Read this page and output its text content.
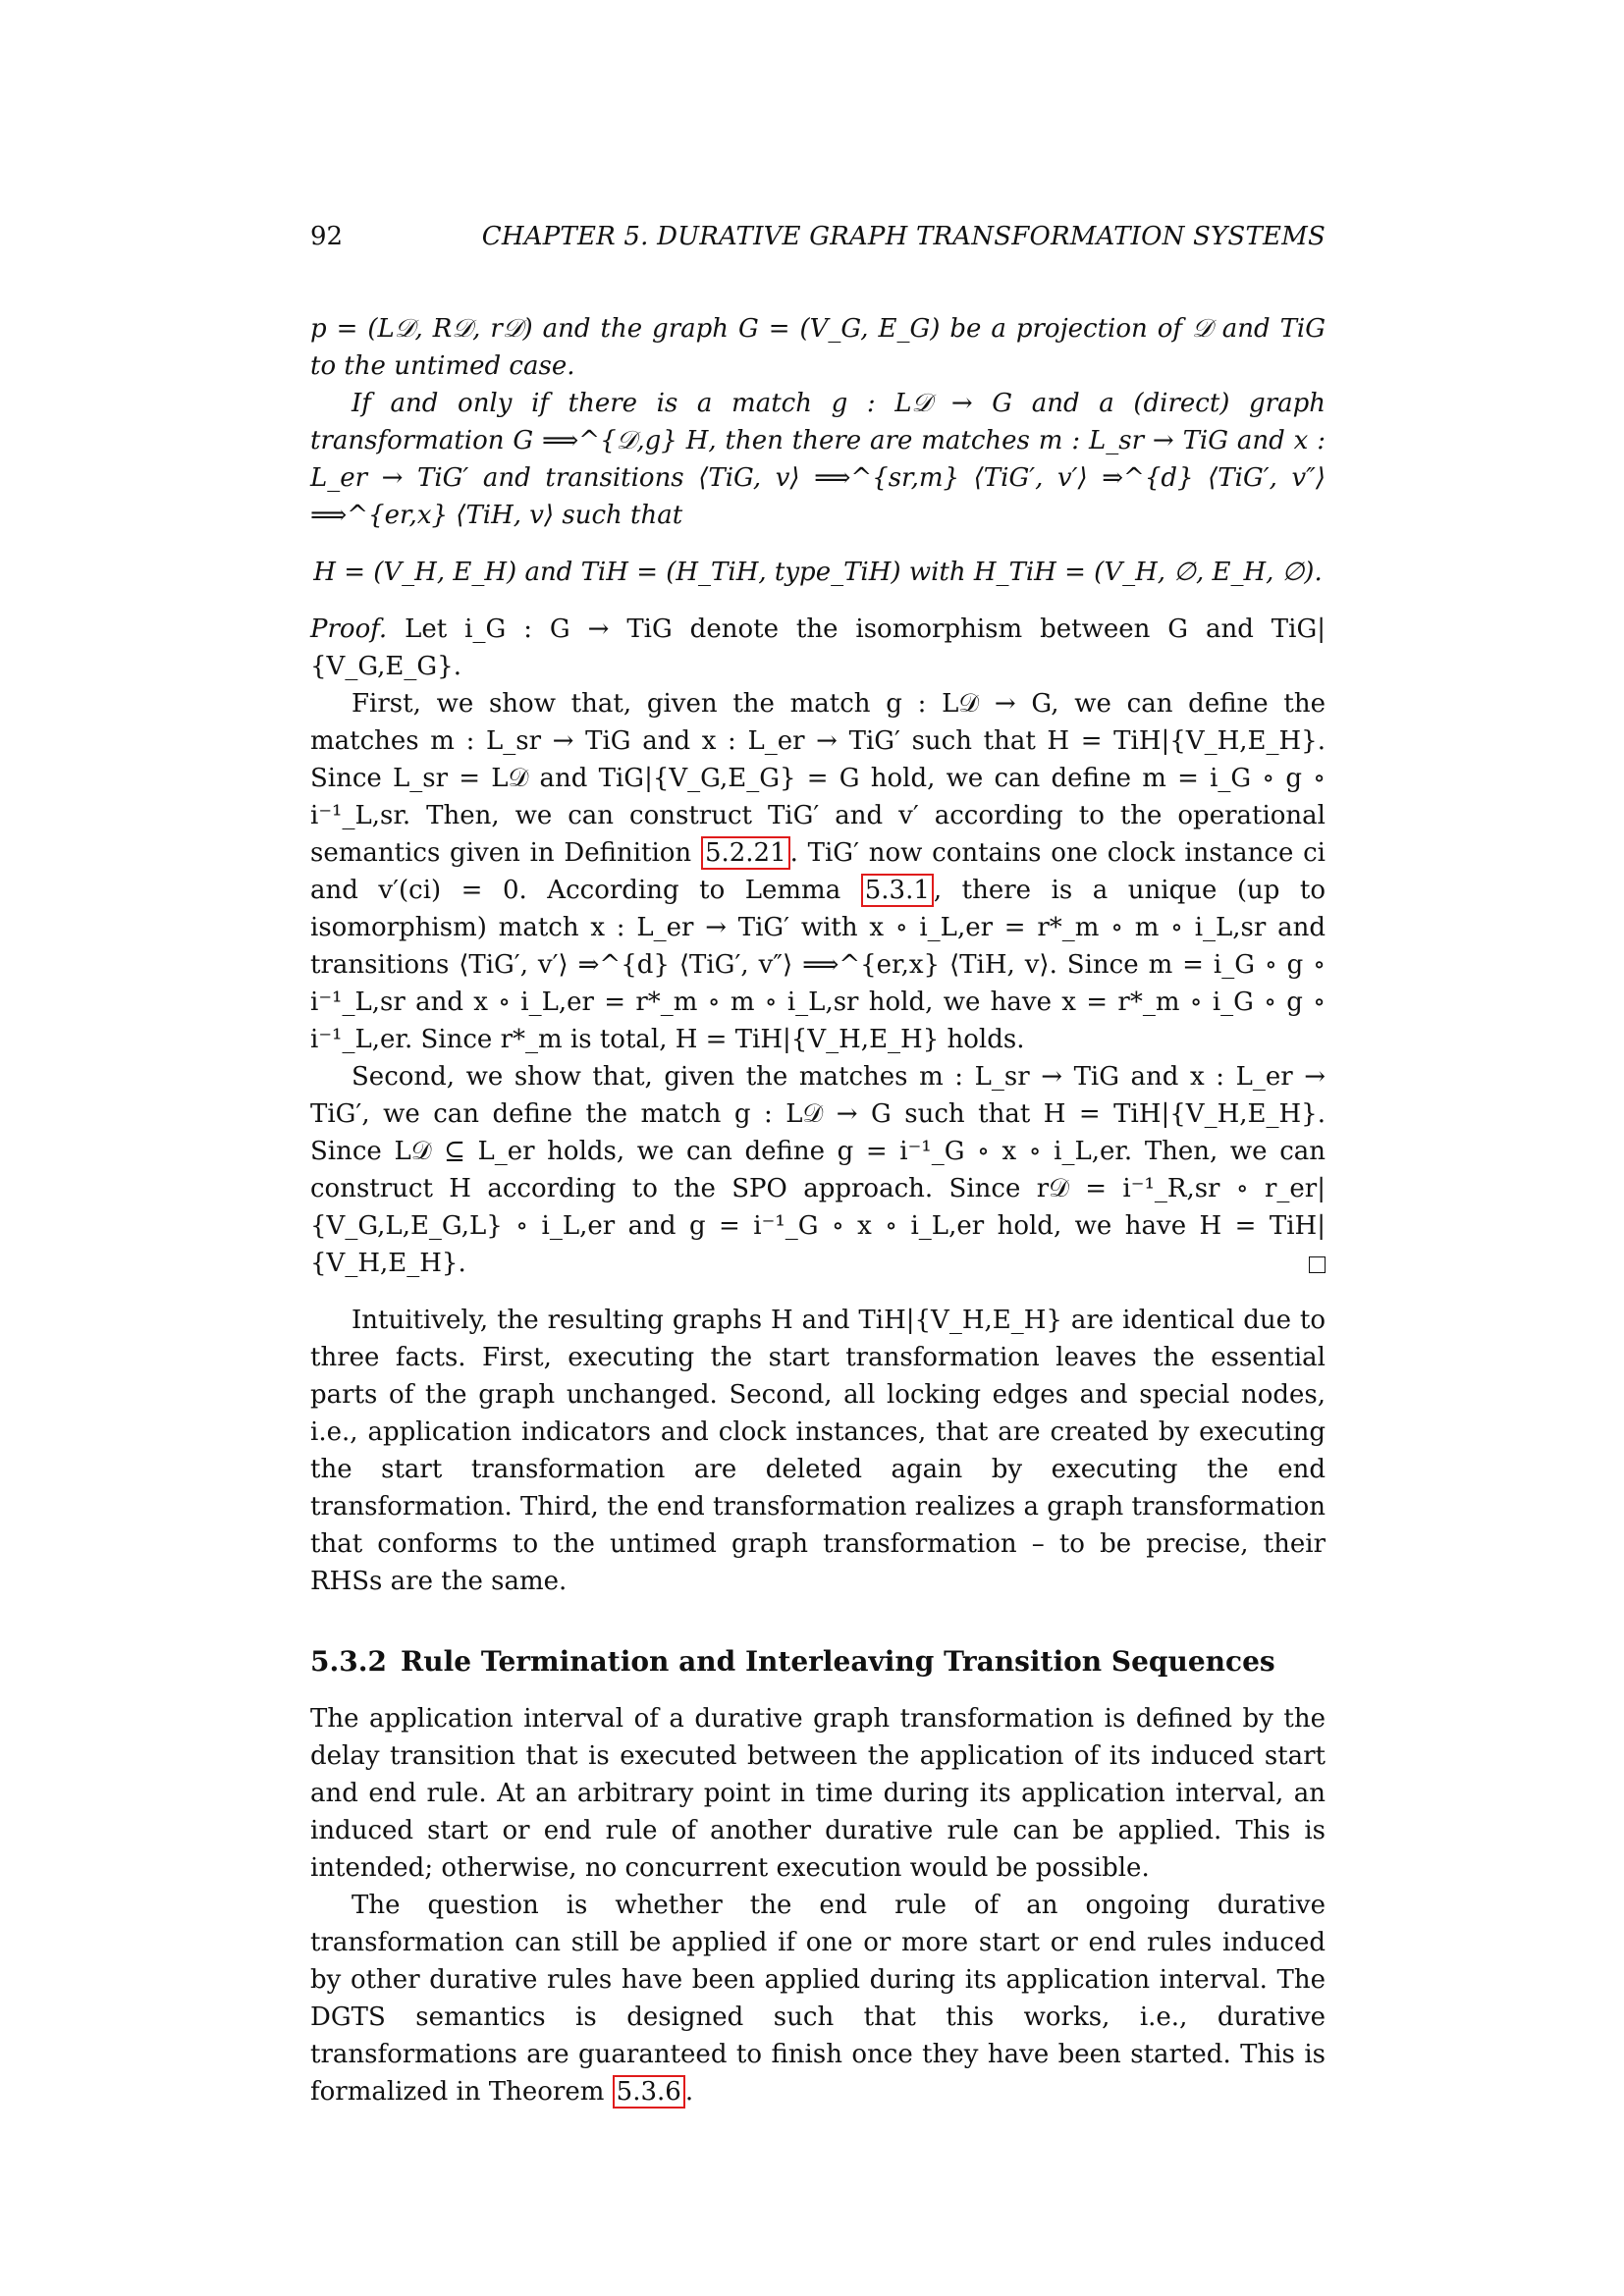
92	CHAPTER 5. DURATIVE GRAPH TRANSFORMATION SYSTEMS

p = (L𝒟, R𝒟, r𝒟) and the graph G = (V_G, E_G) be a projection of 𝒟 and TiG to the untimed case.

If and only if there is a match g : L𝒟 → G and a (direct) graph transformation G ⟹^{𝒟,g} H, then there are matches m : L_sr → TiG and x : L_er → TiG′ and transitions ⟨TiG, v⟩ ⟹^{sr,m} ⟨TiG′, v′⟩ ⇒^{d} ⟨TiG′, v″⟩ ⟹^{er,x} ⟨TiH, v⟩ such that

H = (V_H, E_H) and TiH = (H_TiH, type_TiH) with H_TiH = (V_H, ∅, E_H, ∅).

Proof. Let i_G : G → TiG denote the isomorphism between G and TiG|{V_G,E_G}.

First, we show that, given the match g : L𝒟 → G, we can define the matches m : L_sr → TiG and x : L_er → TiG′ such that H = TiH|{V_H,E_H}. Since L_sr = L𝒟 and TiG|{V_G,E_G} = G hold, we can define m = i_G ∘ g ∘ i⁻¹_L,sr. Then, we can construct TiG′ and v′ according to the operational semantics given in Definition 5.2.21 . TiG′ now contains one clock instance ci and v′(ci) = 0. According to Lemma 5.3.1 , there is a unique (up to isomorphism) match x : L_er → TiG′ with x ∘ i_L,er = r*_m ∘ m ∘ i_L,sr and transitions ⟨TiG′, v′⟩ ⇒^{d} ⟨TiG′, v″⟩ ⟹^{er,x} ⟨TiH, v⟩. Since m = i_G ∘ g ∘ i⁻¹_L,sr and x ∘ i_L,er = r*_m ∘ m ∘ i_L,sr hold, we have x = r*_m ∘ i_G ∘ g ∘ i⁻¹_L,er. Since r*_m is total, H = TiH|{V_H,E_H} holds.

Second, we show that, given the matches m : L_sr → TiG and x : L_er → TiG′, we can define the match g : L𝒟 → G such that H = TiH|{V_H,E_H}. Since L𝒟 ⊆ L_er holds, we can define g = i⁻¹_G ∘ x ∘ i_L,er. Then, we can construct H according to the SPO approach. Since r𝒟 = i⁻¹_R,sr ∘ r_er|{V_G,L,E_G,L} ∘ i_L,er and g = i⁻¹_G ∘ x ∘ i_L,er hold, we have H = TiH|{V_H,E_H}.

Intuitively, the resulting graphs H and TiH|{V_H,E_H} are identical due to three facts. First, executing the start transformation leaves the essential parts of the graph unchanged. Second, all locking edges and special nodes, i.e., application indicators and clock instances, that are created by executing the start transformation are deleted again by executing the end transformation. Third, the end transformation realizes a graph transformation that conforms to the untimed graph transformation – to be precise, their RHSs are the same.

5.3.2 Rule Termination and Interleaving Transition Sequences

The application interval of a durative graph transformation is defined by the delay transition that is executed between the application of its induced start and end rule. At an arbitrary point in time during its application interval, an induced start or end rule of another durative rule can be applied. This is intended; otherwise, no concurrent execution would be possible.

The question is whether the end rule of an ongoing durative transformation can still be applied if one or more start or end rules induced by other durative rules have been applied during its application interval. The DGTS semantics is designed such that this works, i.e., durative transformations are guaranteed to finish once they have been started. This is formalized in Theorem 5.3.6 .
